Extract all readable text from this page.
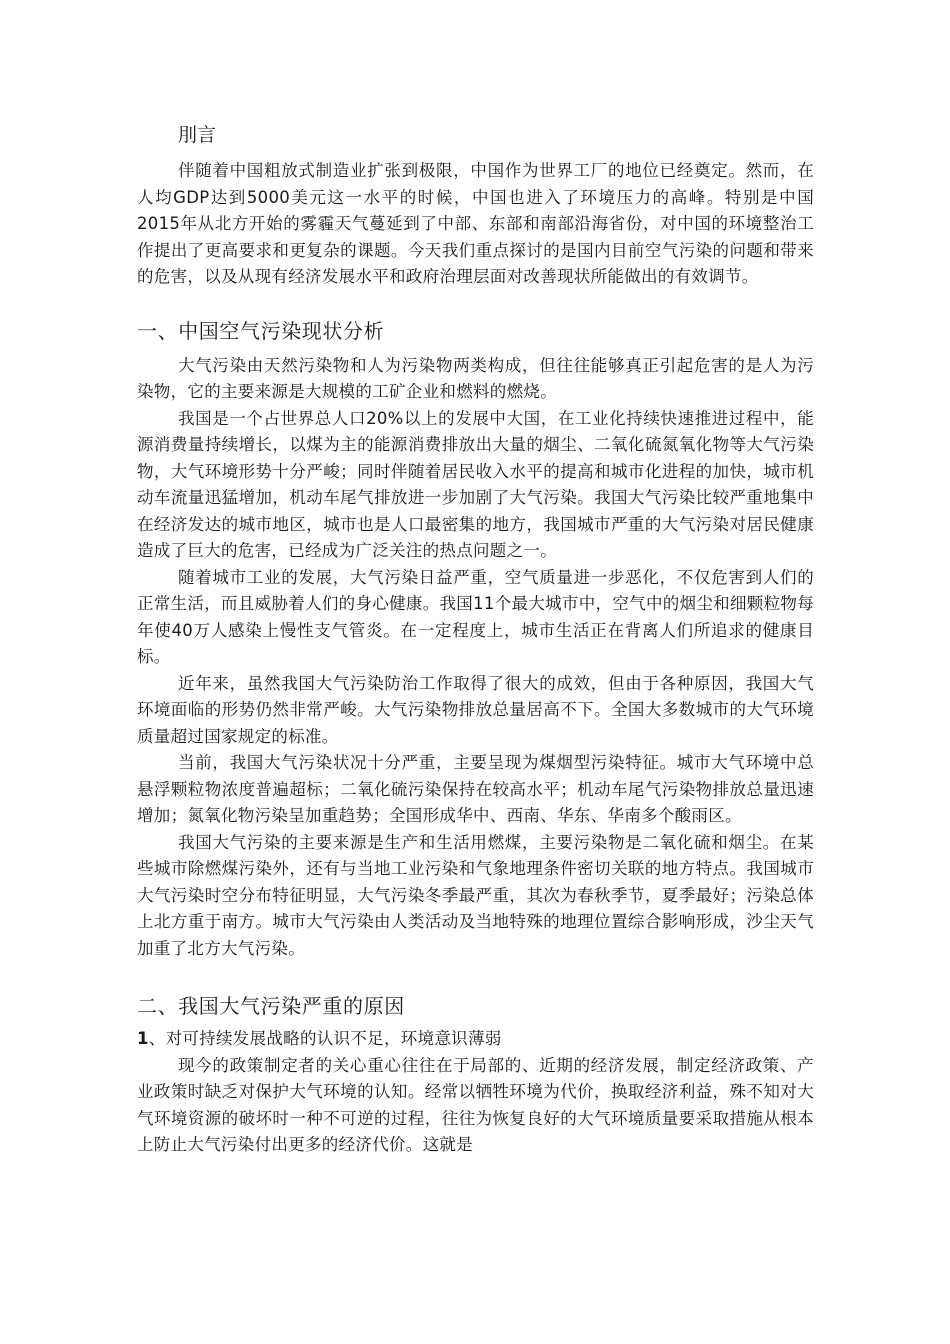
刖言

伴随着中国粗放式制造业扩张到极限，中国作为世界工厂的地位已经奠定。然而，在人均GDP达到5000美元这一水平的时候，中国也进入了环境压力的高峰。特别是中国2015年从北方开始的雾霾天气蔓延到了中部、东部和南部沿海省份，对中国的环境整治工作提出了更高要求和更复杂的课题。今天我们重点探讨的是国内目前空气污染的问题和带来的危害，以及从现有经济发展水平和政府治理层面对改善现状所能做出的有效调节。

一、中国空气污染现状分析

大气污染由天然污染物和人为污染物两类构成，但往往能够真正引起危害的是人为污染物，它的主要来源是大规模的工矿企业和燃料的燃烧。

我国是一个占世界总人口20%以上的发展中大国，在工业化持续快速推进过程中，能源消费量持续增长，以煤为主的能源消费排放出大量的烟尘、二氧化硫氮氧化物等大气污染物，大气环境形势十分严峻；同时伴随着居民收入水平的提高和城市化进程的加快，城市机动车流量迅猛增加，机动车尾气排放进一步加剧了大气污染。我国大气污染比较严重地集中在经济发达的城市地区，城市也是人口最密集的地方，我国城市严重的大气污染对居民健康造成了巨大的危害，已经成为广泛关注的热点问题之一。

随着城市工业的发展，大气污染日益严重，空气质量进一步恶化，不仅危害到人们的正常生活，而且威胁着人们的身心健康。我国11个最大城市中，空气中的烟尘和细颗粒物每年使40万人感染上慢性支气管炎。在一定程度上，城市生活正在背离人们所追求的健康目标。

近年来，虽然我国大气污染防治工作取得了很大的成效，但由于各种原因，我国大气环境面临的形势仍然非常严峻。大气污染物排放总量居高不下。全国大多数城市的大气环境质量超过国家规定的标准。

当前，我国大气污染状况十分严重，主要呈现为煤烟型污染特征。城市大气环境中总悬浮颗粒物浓度普遍超标；二氧化硫污染保持在较高水平；机动车尾气污染物排放总量迅速增加；氮氧化物污染呈加重趋势；全国形成华中、西南、华东、华南多个酸雨区。

我国大气污染的主要来源是生产和生活用燃煤，主要污染物是二氧化硫和烟尘。在某些城市除燃煤污染外，还有与当地工业污染和气象地理条件密切关联的地方特点。我国城市大气污染时空分布特征明显，大气污染冬季最严重，其次为春秋季节，夏季最好；污染总体上北方重于南方。城市大气污染由人类活动及当地特殊的地理位置综合影响形成，沙尘天气加重了北方大气污染。

二、我国大气污染严重的原因
1、对可持续发展战略的认识不足，环境意识薄弱

现今的政策制定者的关心重心往往在于局部的、近期的经济发展，制定经济政策、产业政策时缺乏对保护大气环境的认知。经常以牺牲环境为代价，换取经济利益，殊不知对大气环境资源的破坏时一种不可逆的过程，往往为恢复良好的大气环境质量要采取措施从根本上防止大气污染付出更多的经济代价。这就是
